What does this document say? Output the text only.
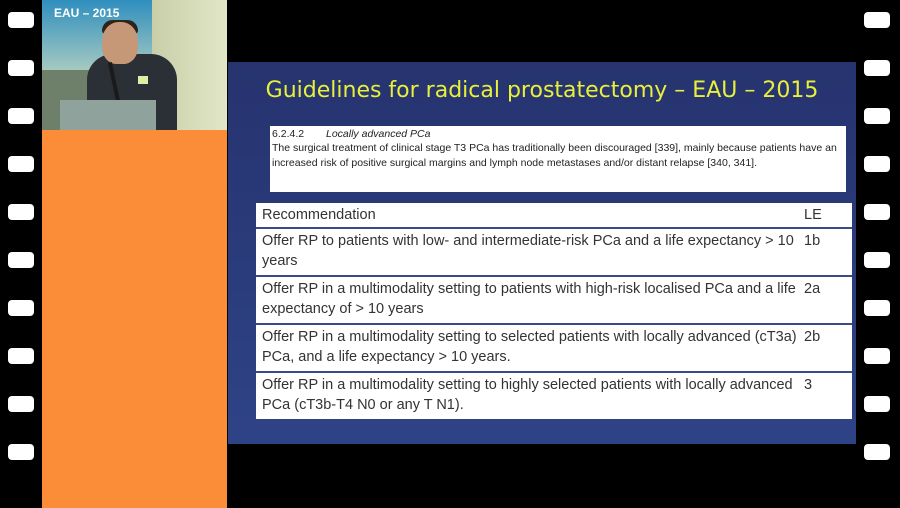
EAU – 2015
Guidelines for radical prostatectomy – EAU – 2015
6.2.4.2 Locally advanced PCa
The surgical treatment of clinical stage T3 PCa has traditionally been discouraged [339], mainly because patients have an increased risk of positive surgical margins and lymph node metastases and/or distant relapse [340, 341].
Recommendation	LE
Offer RP to patients with low- and intermediate-risk PCa and a life expectancy > 10 years
1b
Offer RP in a multimodality setting to patients with high-risk localised PCa and a life expectancy of > 10 years
2a
Offer RP in a multimodality setting to selected patients with locally advanced (cT3a) PCa, and a life expectancy > 10 years.
2b
Offer RP in a multimodality setting to highly selected patients with locally advanced PCa (cT3b-T4 N0 or any T N1).
3
